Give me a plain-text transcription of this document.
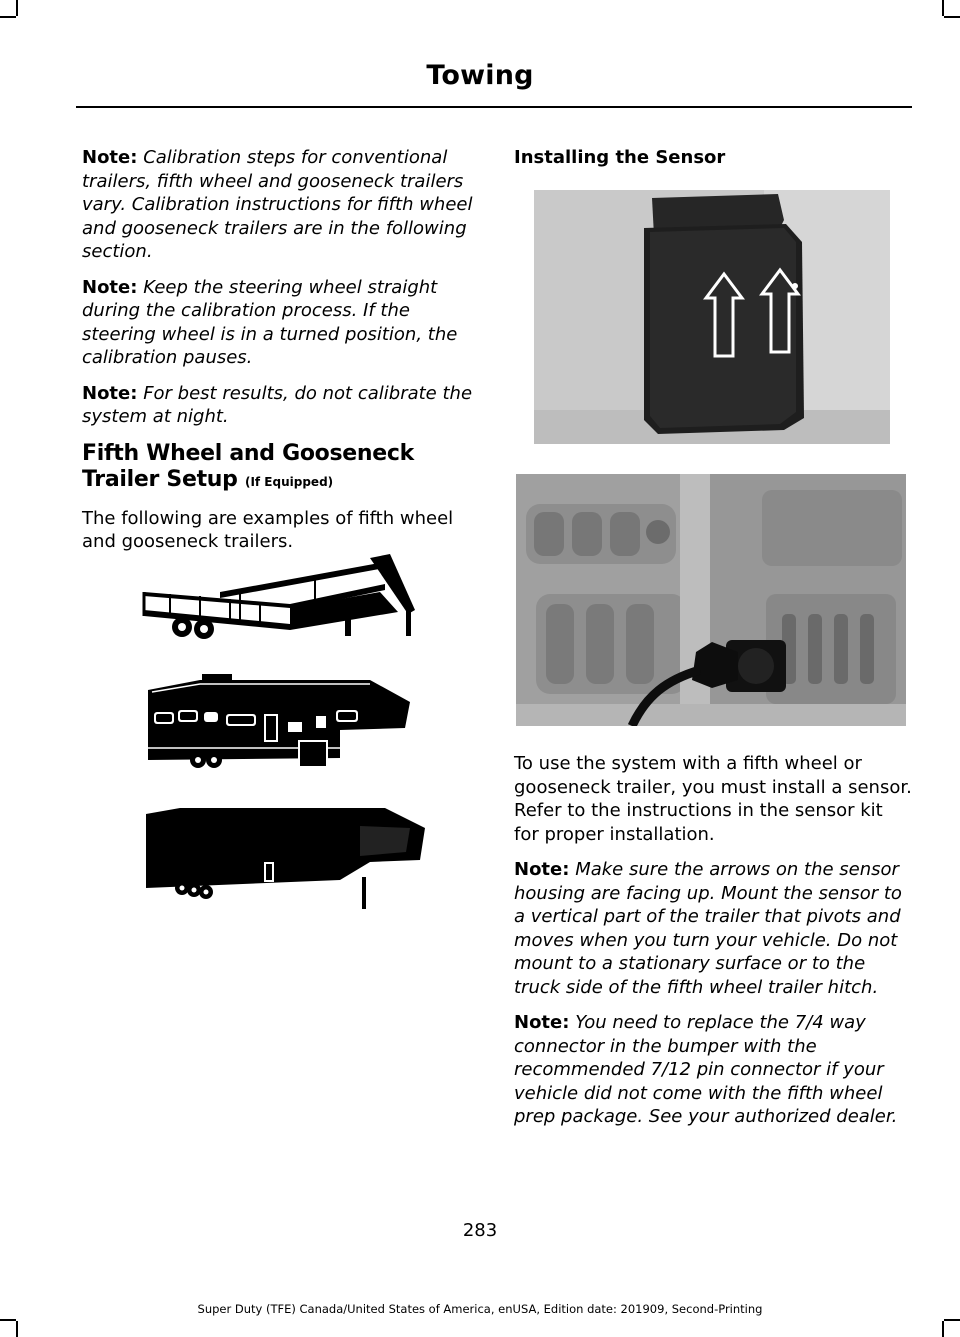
Towing

Note: Calibration steps for conventional trailers, fifth wheel and gooseneck trailers vary. Calibration instructions for fifth wheel and gooseneck trailers are in the following section.

Note: Keep the steering wheel straight during the calibration process. If the steering wheel is in a turned position, the calibration pauses.

Note: For best results, do not calibrate the system at night.

Fifth Wheel and Gooseneck Trailer Setup (If Equipped)

The following are examples of fifth wheel and gooseneck trailers.

Installing the Sensor

To use the system with a fifth wheel or gooseneck trailer, you must install a sensor. Refer to the instructions in the sensor kit for proper installation.

Note: Make sure the arrows on the sensor housing are facing up. Mount the sensor to a vertical part of the trailer that pivots and moves when you turn your vehicle. Do not mount to a stationary surface or to the truck side of the fifth wheel trailer hitch.

Note: You need to replace the 7/4 way connector in the bumper with the recommended 7/12 pin connector if your vehicle did not come with the fifth wheel prep package. See your authorized dealer.

283
Super Duty (TFE) Canada/United States of America, enUSA, Edition date: 201909, Second-Printing
